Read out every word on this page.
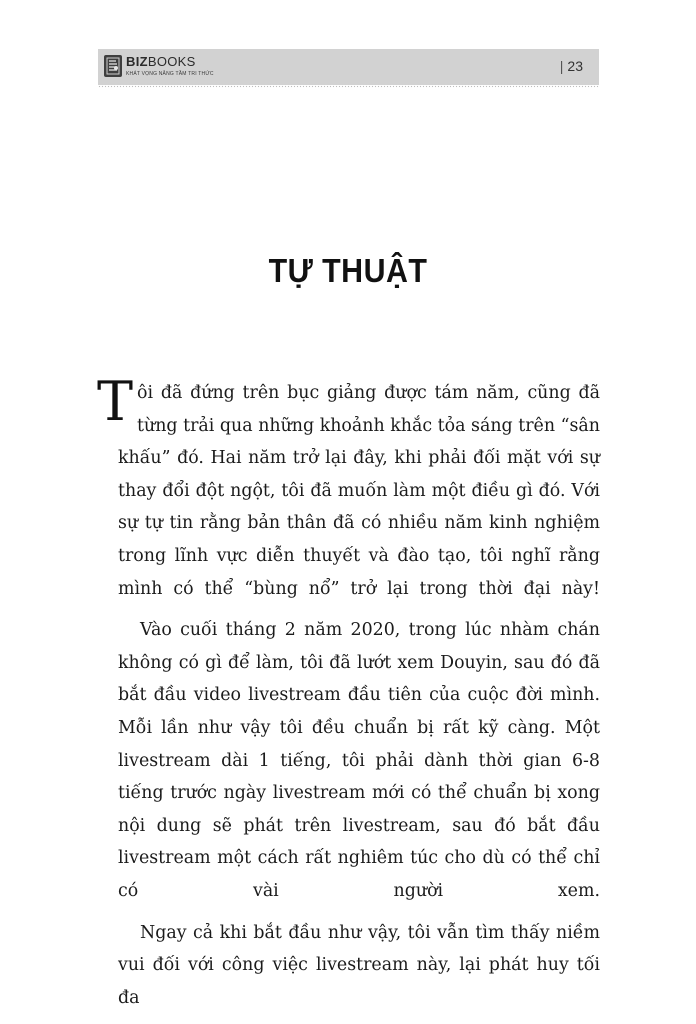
BIZBOOKS
KHÁT VỌNG NÂNG TẦM TRI THỨC	| 23
TỰ THUẬT

Tôi đã đứng trên bục giảng được tám năm, cũng đã từng trải qua những khoảnh khắc tỏa sáng trên “sân khấu” đó. Hai năm trở lại đây, khi phải đối mặt với sự thay đổi đột ngột, tôi đã muốn làm một điều gì đó. Với sự tự tin rằng bản thân đã có nhiều năm kinh nghiệm trong lĩnh vực diễn thuyết và đào tạo, tôi nghĩ rằng mình có thể “bùng nổ” trở lại trong thời đại này!

Vào cuối tháng 2 năm 2020, trong lúc nhàm chán không có gì để làm, tôi đã lướt xem Douyin, sau đó đã bắt đầu video livestream đầu tiên của cuộc đời mình. Mỗi lần như vậy tôi đều chuẩn bị rất kỹ càng. Một livestream dài 1 tiếng, tôi phải dành thời gian 6-8 tiếng trước ngày livestream mới có thể chuẩn bị xong nội dung sẽ phát trên livestream, sau đó bắt đầu livestream một cách rất nghiêm túc cho dù có thể chỉ có vài người xem.

Ngay cả khi bắt đầu như vậy, tôi vẫn tìm thấy niềm vui đối với công việc livestream này, lại phát huy tối đa
